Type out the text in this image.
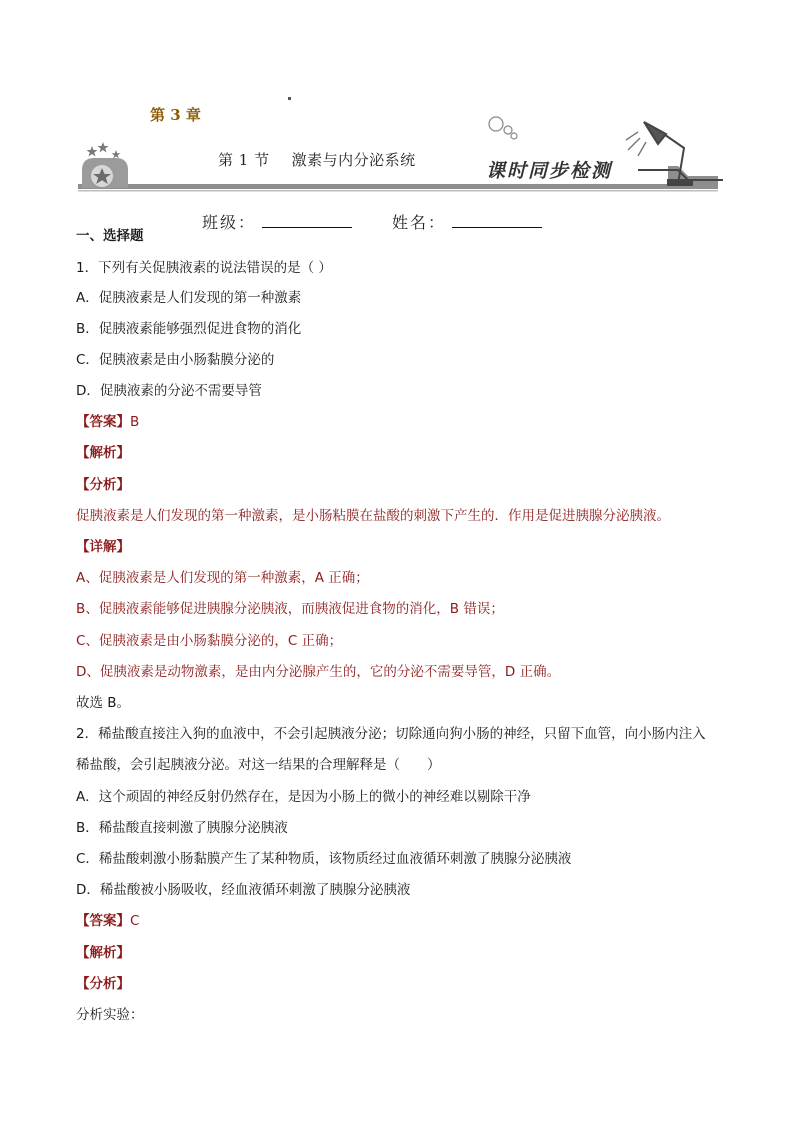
第 3 章
第 1 节 激素与内分泌系统	课时同步检测
班级：	姓名：
一、选择题
1．下列有关促胰液素的说法错误的是（ ）
A．促胰液素是人们发现的第一种激素
B．促胰液素能够强烈促进食物的消化
C．促胰液素是由小肠黏膜分泌的
D．促胰液素的分泌不需要导管
【答案】B
【解析】
【分析】
促胰液素是人们发现的第一种激素，是小肠粘膜在盐酸的刺激下产生的．作用是促进胰腺分泌胰液。
【详解】
A、促胰液素是人们发现的第一种激素，A 正确；
B、促胰液素能够促进胰腺分泌胰液，而胰液促进食物的消化，B 错误；
C、促胰液素是由小肠黏膜分泌的，C 正确；
D、促胰液素是动物激素，是由内分泌腺产生的，它的分泌不需要导管，D 正确。
故选 B。
2．稀盐酸直接注入狗的血液中，不会引起胰液分泌；切除通向狗小肠的神经，只留下血管，向小肠内注入
稀盐酸，会引起胰液分泌。对这一结果的合理解释是（　　）
A．这个顽固的神经反射仍然存在，是因为小肠上的微小的神经难以剔除干净
B．稀盐酸直接刺激了胰腺分泌胰液
C．稀盐酸刺激小肠黏膜产生了某种物质，该物质经过血液循环刺激了胰腺分泌胰液
D．稀盐酸被小肠吸收，经血液循环刺激了胰腺分泌胰液
【答案】C
【解析】
【分析】
分析实验：
